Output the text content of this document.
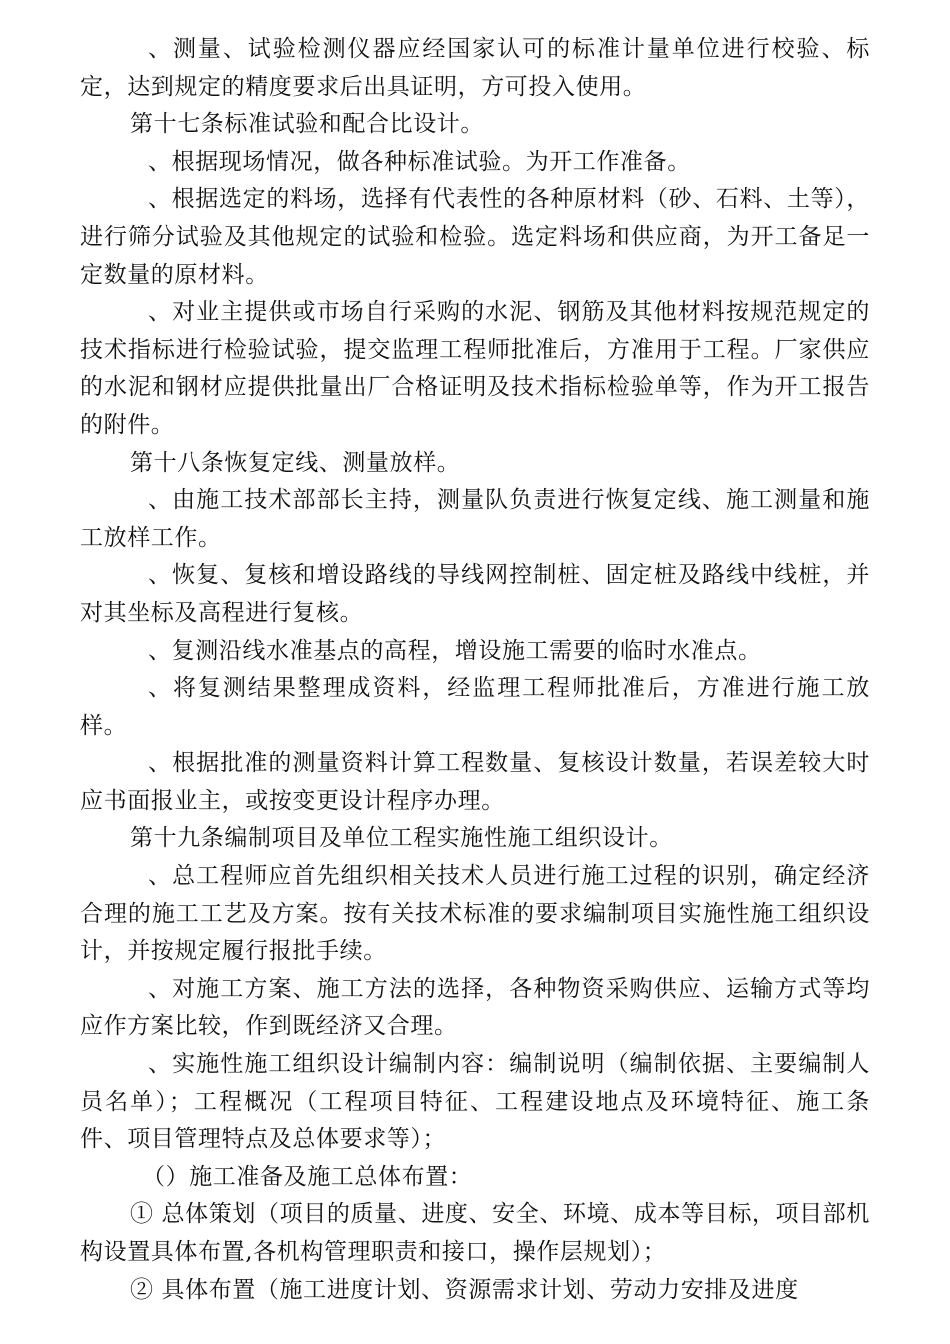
、测量、试验检测仪器应经国家认可的标准计量单位进行校验、标定，达到规定的精度要求后出具证明，方可投入使用。

第十七条标准试验和配合比设计。

、根据现场情况，做各种标准试验。为开工作准备。

、根据选定的料场，选择有代表性的各种原材料（砂、石料、土等），进行筛分试验及其他规定的试验和检验。选定料场和供应商，为开工备足一定数量的原材料。

、对业主提供或市场自行采购的水泥、钢筋及其他材料按规范规定的技术指标进行检验试验，提交监理工程师批准后，方准用于工程。厂家供应的水泥和钢材应提供批量出厂合格证明及技术指标检验单等，作为开工报告的附件。

第十八条恢复定线、测量放样。

、由施工技术部部长主持，测量队负责进行恢复定线、施工测量和施工放样工作。

、恢复、复核和增设路线的导线网控制桩、固定桩及路线中线桩，并对其坐标及高程进行复核。

、复测沿线水准基点的高程，增设施工需要的临时水准点。

、将复测结果整理成资料，经监理工程师批准后，方准进行施工放样。

、根据批准的测量资料计算工程数量、复核设计数量，若误差较大时应书面报业主，或按变更设计程序办理。

第十九条编制项目及单位工程实施性施工组织设计。

、总工程师应首先组织相关技术人员进行施工过程的识别，确定经济合理的施工工艺及方案。按有关技术标准的要求编制项目实施性施工组织设计，并按规定履行报批手续。

、对施工方案、施工方法的选择，各种物资采购供应、运输方式等均应作方案比较，作到既经济又合理。

、实施性施工组织设计编制内容：编制说明（编制依据、主要编制人员名单）；工程概况（工程项目特征、工程建设地点及环境特征、施工条件、项目管理特点及总体要求等）；

（）施工准备及施工总体布置：

① 总体策划（项目的质量、进度、安全、环境、成本等目标，项目部机构设置具体布置,各机构管理职责和接口，操作层规划）；

② 具体布置（施工进度计划、资源需求计划、劳动力安排及进度
